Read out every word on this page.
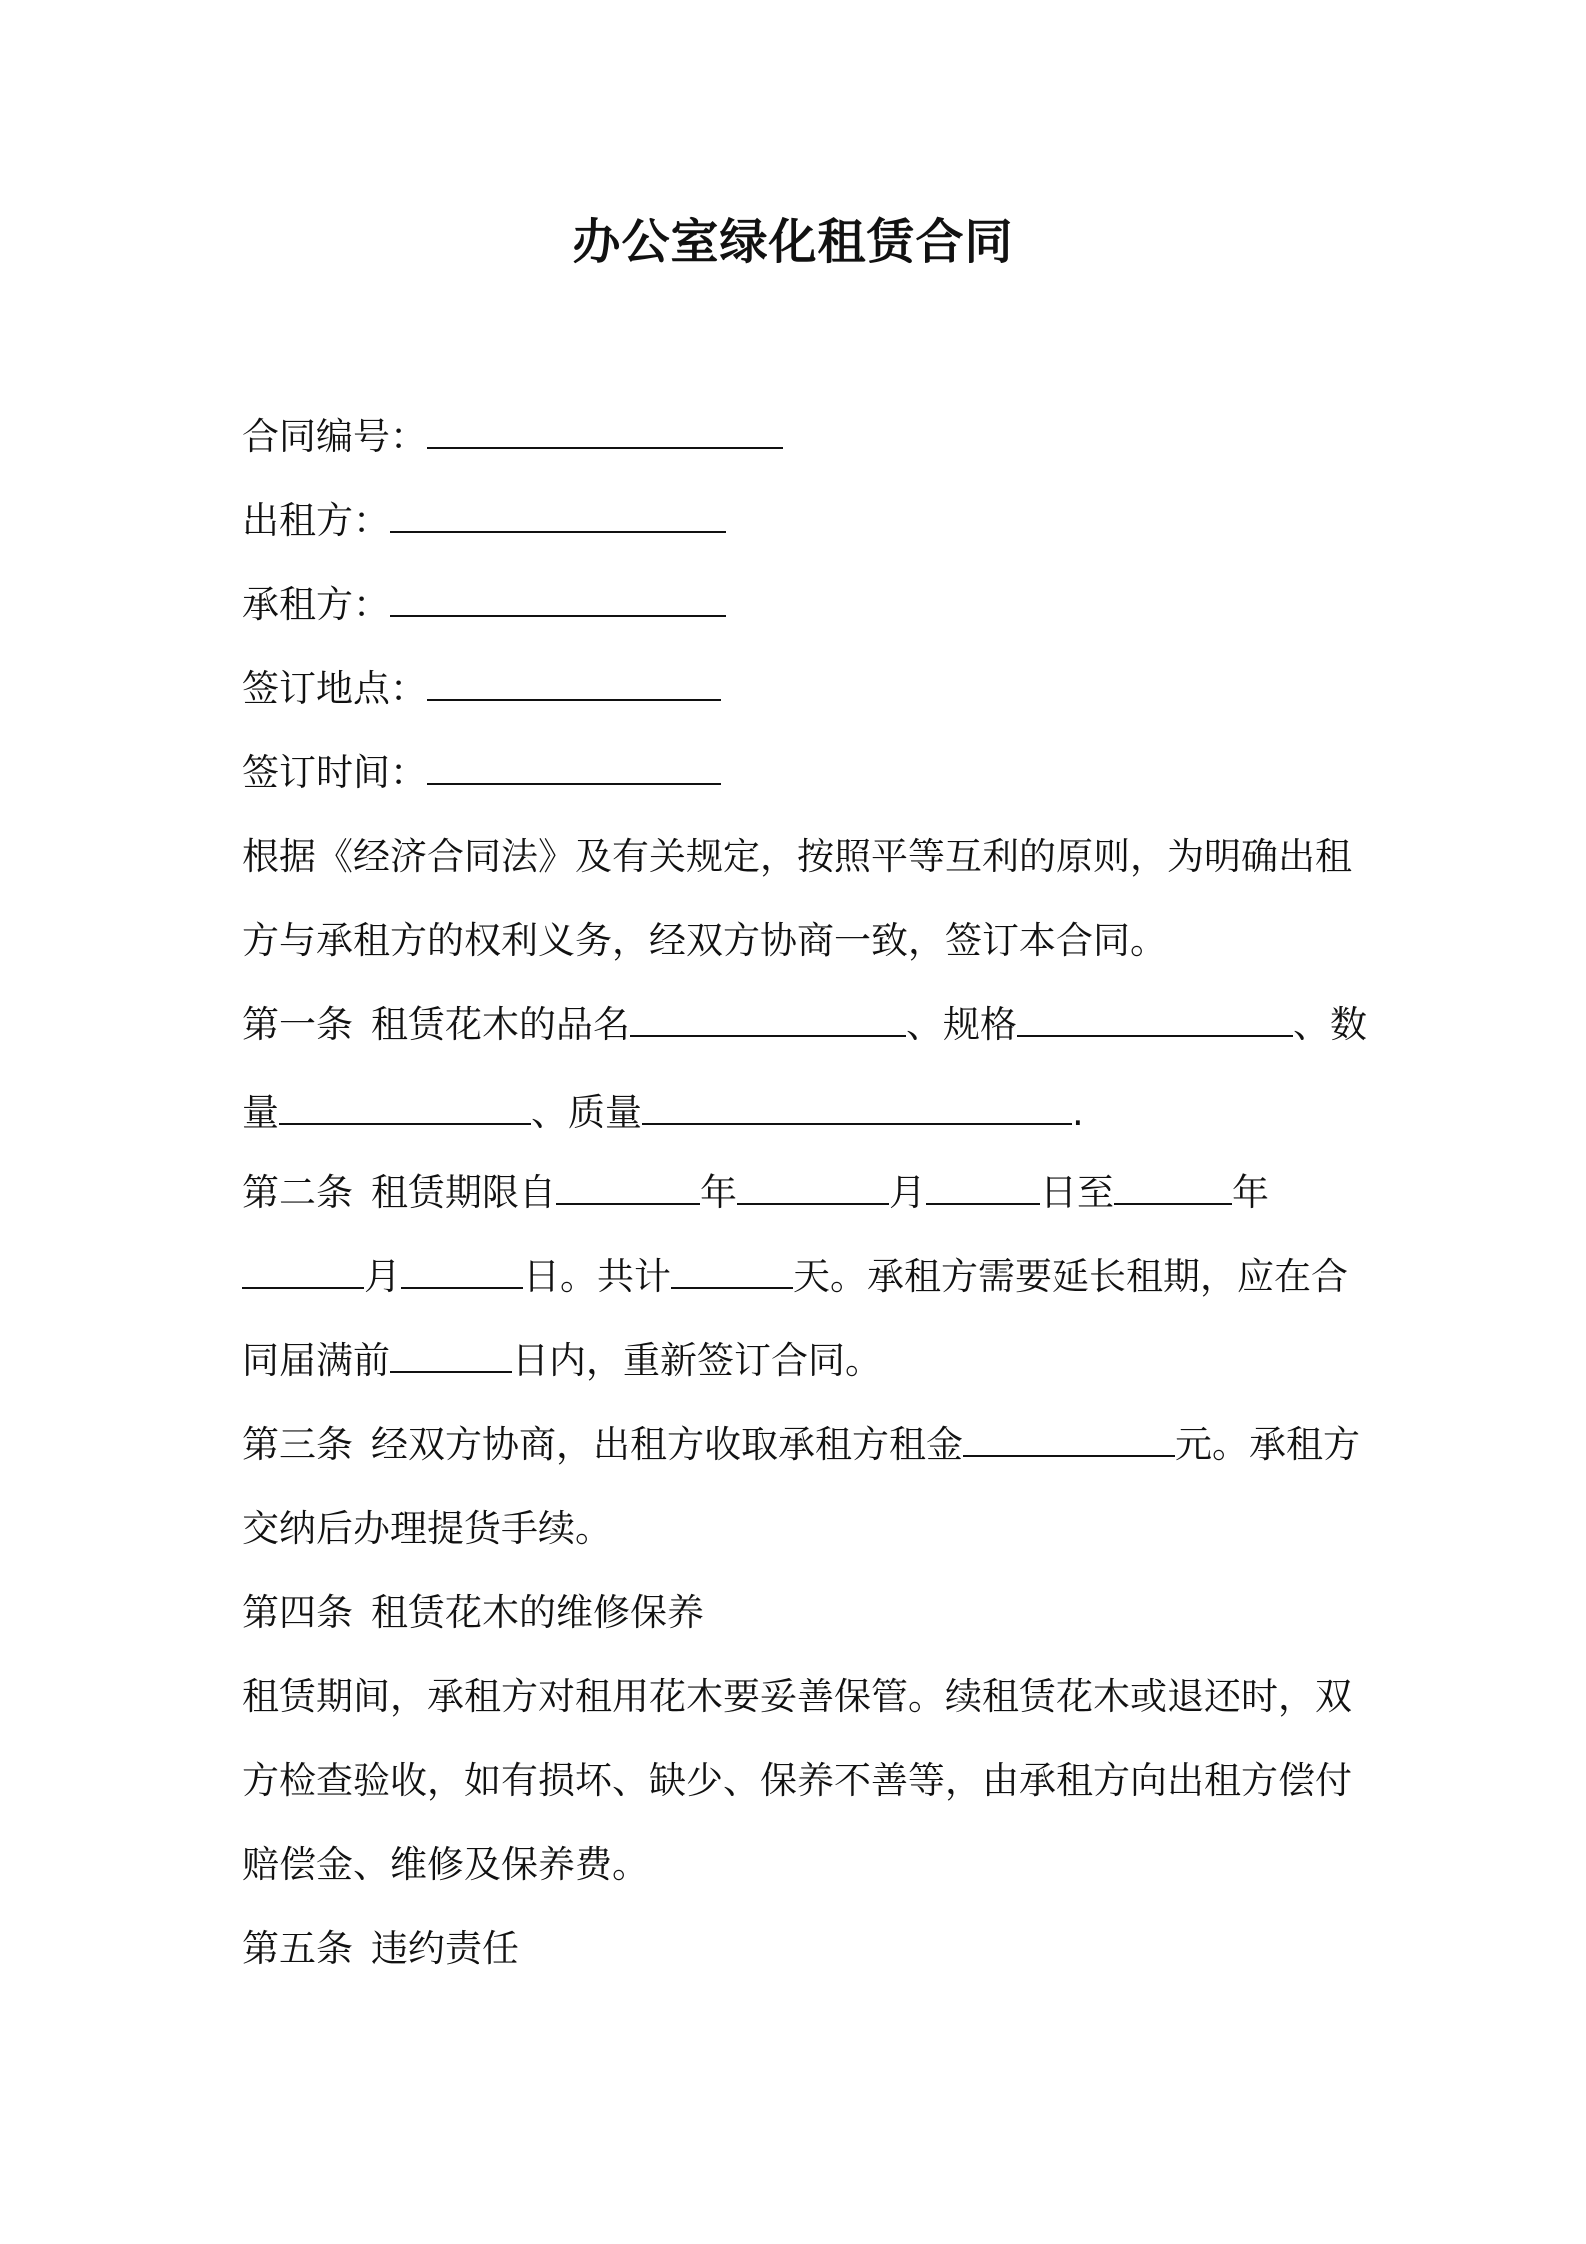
办公室绿化租赁合同
合同编号：
出租方：
承租方：
签订地点：
签订时间：
根据《经济合同法》及有关规定，按照平等互利的原则，为明确出租
方与承租方的权利义务，经双方协商一致，签订本合同。
第一条 租赁花木的品名	、规格	、数
量	、质量	.
第二条 租赁期限自	年	月	日至	年
月	日。共计	天。承租方需要延长租期，应在合
同届满前	日内，重新签订合同。
第三条 经双方协商，出租方收取承租方租金	元。承租方
交纳后办理提货手续。
第四条 租赁花木的维修保养
租赁期间，承租方对租用花木要妥善保管。续租赁花木或退还时，双
方检查验收，如有损坏、缺少、保养不善等，由承租方向出租方偿付
赔偿金、维修及保养费。
第五条 违约责任
